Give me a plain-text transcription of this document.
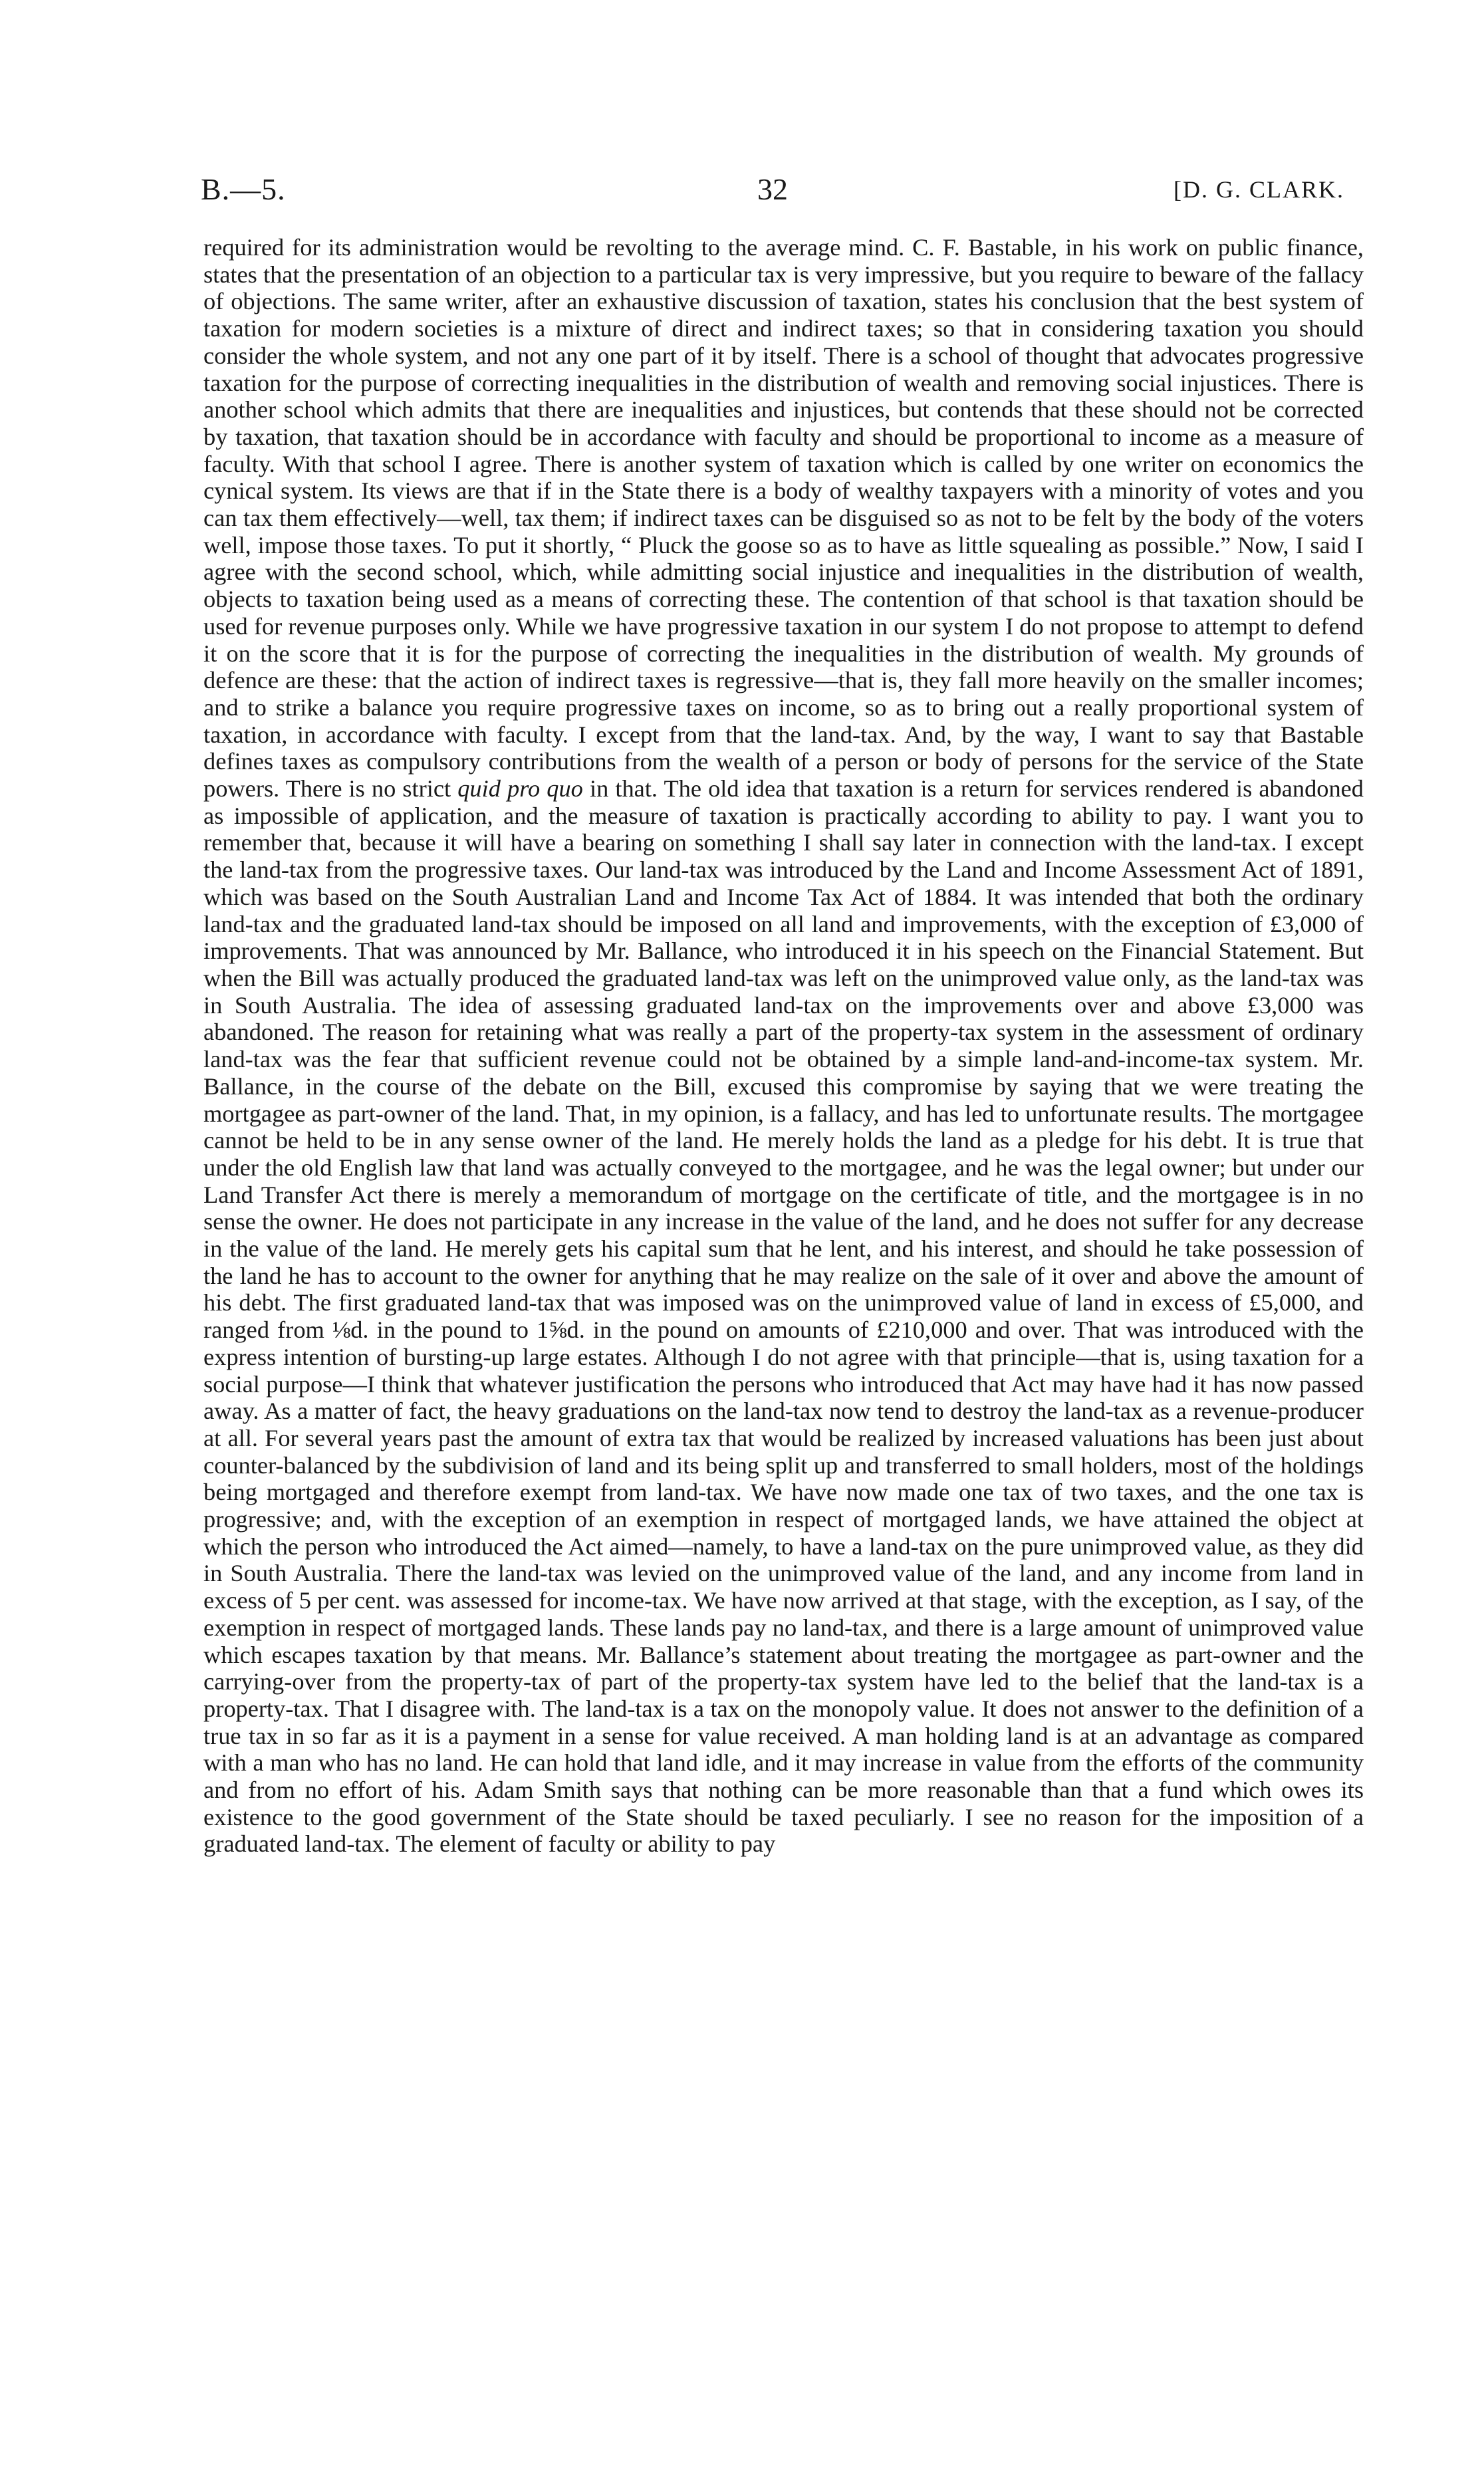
B.—5.	32	[D. G. CLARK.

required for its administration would be revolting to the average mind. C. F. Bastable, in his work on public finance, states that the presentation of an objection to a particular tax is very impressive, but you require to beware of the fallacy of objections. The same writer, after an exhaustive discussion of taxation, states his conclusion that the best system of taxation for modern societies is a mixture of direct and indirect taxes; so that in considering taxation you should consider the whole system, and not any one part of it by itself. There is a school of thought that advocates progressive taxation for the purpose of correcting inequalities in the distribution of wealth and removing social injustices. There is another school which admits that there are inequalities and injustices, but contends that these should not be corrected by taxation, that taxation should be in accordance with faculty and should be proportional to income as a measure of faculty. With that school I agree. There is another system of taxation which is called by one writer on economics the cynical system. Its views are that if in the State there is a body of wealthy taxpayers with a minority of votes and you can tax them effectively—well, tax them; if indirect taxes can be disguised so as not to be felt by the body of the voters well, impose those taxes. To put it shortly, “ Pluck the goose so as to have as little squealing as possible.” Now, I said I agree with the second school, which, while admitting social injustice and inequalities in the distribution of wealth, objects to taxation being used as a means of correcting these. The contention of that school is that taxation should be used for revenue purposes only. While we have progressive taxation in our system I do not propose to attempt to defend it on the score that it is for the purpose of correcting the inequalities in the distribution of wealth. My grounds of defence are these: that the action of indirect taxes is regressive—that is, they fall more heavily on the smaller incomes; and to strike a balance you require progressive taxes on income, so as to bring out a really proportional system of taxation, in accordance with faculty. I except from that the land-tax. And, by the way, I want to say that Bastable defines taxes as compulsory contributions from the wealth of a person or body of persons for the service of the State powers. There is no strict quid pro quo in that. The old idea that taxation is a return for services rendered is abandoned as impossible of application, and the measure of taxation is practically according to ability to pay. I want you to remember that, because it will have a bearing on something I shall say later in connection with the land-tax. I except the land-tax from the progressive taxes. Our land-tax was introduced by the Land and Income Assessment Act of 1891, which was based on the South Australian Land and Income Tax Act of 1884. It was intended that both the ordinary land-tax and the graduated land-tax should be imposed on all land and improvements, with the exception of £3,000 of improvements. That was announced by Mr. Ballance, who introduced it in his speech on the Financial Statement. But when the Bill was actually produced the graduated land-tax was left on the unimproved value only, as the land-tax was in South Australia. The idea of assessing graduated land-tax on the improvements over and above £3,000 was abandoned. The reason for retaining what was really a part of the property-tax system in the assessment of ordinary land-tax was the fear that sufficient revenue could not be obtained by a simple land-and-income-tax system. Mr. Ballance, in the course of the debate on the Bill, excused this compromise by saying that we were treating the mortgagee as part-owner of the land. That, in my opinion, is a fallacy, and has led to unfortunate results. The mortgagee cannot be held to be in any sense owner of the land. He merely holds the land as a pledge for his debt. It is true that under the old English law that land was actually conveyed to the mortgagee, and he was the legal owner; but under our Land Transfer Act there is merely a memorandum of mortgage on the certificate of title, and the mortgagee is in no sense the owner. He does not participate in any increase in the value of the land, and he does not suffer for any decrease in the value of the land. He merely gets his capital sum that he lent, and his interest, and should he take possession of the land he has to account to the owner for anything that he may realize on the sale of it over and above the amount of his debt. The first graduated land-tax that was imposed was on the unimproved value of land in excess of £5,000, and ranged from ⅛d. in the pound to 1⅝d. in the pound on amounts of £210,000 and over. That was introduced with the express intention of bursting-up large estates. Although I do not agree with that principle—that is, using taxation for a social purpose—I think that whatever justification the persons who introduced that Act may have had it has now passed away. As a matter of fact, the heavy graduations on the land-tax now tend to destroy the land-tax as a revenue-producer at all. For several years past the amount of extra tax that would be realized by increased valuations has been just about counter-balanced by the subdivision of land and its being split up and transferred to small holders, most of the holdings being mortgaged and therefore exempt from land-tax. We have now made one tax of two taxes, and the one tax is progressive; and, with the exception of an exemption in respect of mortgaged lands, we have attained the object at which the person who introduced the Act aimed—namely, to have a land-tax on the pure unimproved value, as they did in South Australia. There the land-tax was levied on the unimproved value of the land, and any income from land in excess of 5 per cent. was assessed for income-tax. We have now arrived at that stage, with the exception, as I say, of the exemption in respect of mortgaged lands. These lands pay no land-tax, and there is a large amount of unimproved value which escapes taxation by that means. Mr. Ballance’s statement about treating the mortgagee as part-owner and the carrying-over from the property-tax of part of the property-tax system have led to the belief that the land-tax is a property-tax. That I disagree with. The land-tax is a tax on the monopoly value. It does not answer to the definition of a true tax in so far as it is a payment in a sense for value received. A man holding land is at an advantage as compared with a man who has no land. He can hold that land idle, and it may increase in value from the efforts of the community and from no effort of his. Adam Smith says that nothing can be more reasonable than that a fund which owes its existence to the good government of the State should be taxed peculiarly. I see no reason for the imposition of a graduated land-tax. The element of faculty or ability to pay
